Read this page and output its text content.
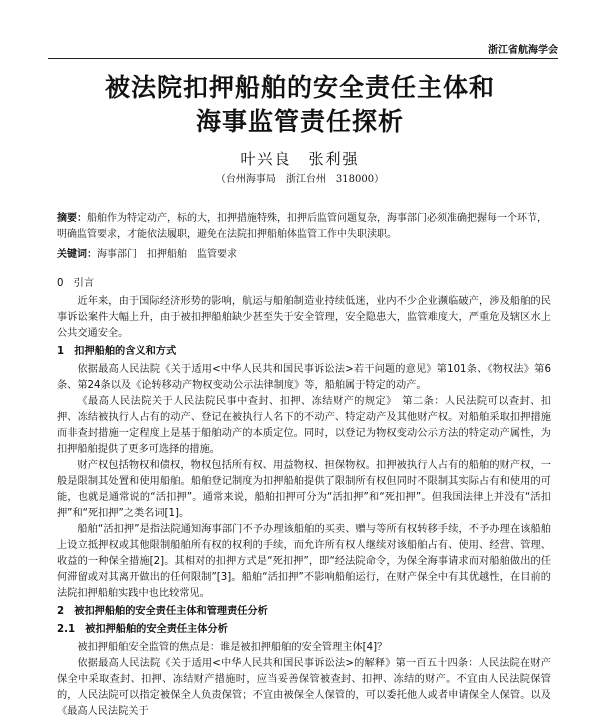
浙江省航海学会
被法院扣押船舶的安全责任主体和
海事监管责任探析
叶兴良　张利强
（台州海事局　浙江台州　318000）
摘要：船舶作为特定动产，标的大，扣押措施特殊，扣押后监管问题复杂，海事部门必须准确把握每一个环节，明确监管要求，才能依法履职，避免在法院扣押船舶体监管工作中失职渎职。
关键词：海事部门　扣押船舶　监管要求
0　引言

近年来，由于国际经济形势的影响，航运与船舶制造业持续低迷，业内不少企业濒临破产，涉及船舶的民事诉讼案件大幅上升，由于被扣押船舶缺少甚至失于安全管理，安全隐患大，监管难度大，严重危及辖区水上公共交通安全。

1　扣押船舶的含义和方式

依据最高人民法院《关于适用<中华人民共和国民事诉讼法>若干问题的意见》第101条、《物权法》第6条、第24条以及《论转移动产物权变动公示法律制度》等，船舶属于特定的动产。

《最高人民法院关于人民法院民事中查封、扣押、冻结财产的规定》　第二条：人民法院可以查封、扣押、冻结被执行人占有的动产、登记在被执行人名下的不动产、特定动产及其他财产权。对船舶采取扣押措施而非查封措施一定程度上是基于船舶动产的本质定位。同时，以登记为物权变动公示方法的特定动产属性，为扣押船舶提供了更多可选择的措施。

财产权包括物权和债权，物权包括所有权、用益物权、担保物权。扣押被执行人占有的船舶的财产权，一般是限制其处置和使用船舶。船舶登记制度为扣押船舶提供了限制所有权但同时不限制其实际占有和使用的可能，也就是通常说的“活扣押”。通常来说，船舶扣押可分为“活扣押”和“死扣押”。但我国法律上并没有“活扣押”和“死扣押”之类名词[1]。

船舶“活扣押”是指法院通知海事部门不予办理该船舶的买卖、赠与等所有权转移手续，不予办理在该船舶上设立抵押权或其他限制船舶所有权的权利的手续，而允许所有权人继续对该船舶占有、使用、经营、管理、收益的一种保全措施[2]。其相对的扣押方式是“死扣押”，即“经法院命令，为保全海事请求而对船舶做出的任何滞留或对其离开做出的任何限制”[3]。船舶“活扣押”不影响船舶运行，在财产保全中有其优越性，在目前的法院扣押船舶实践中也比较常见。

2　被扣押船舶的安全责任主体和管理责任分析
2.1　被扣押船舶的安全责任主体分析

被扣押船舶安全监管的焦点是：谁是被扣押船舶的安全管理主体[4]？

依据最高人民法院《关于适用<中华人民共和国民事诉讼法>的解释》第一百五十四条：人民法院在财产保全中采取查封、扣押、冻结财产措施时，应当妥善保管被查封、扣押、冻结的财产。不宜由人民法院保管的，人民法院可以指定被保全人负责保管；不宜由被保全人保管的，可以委托他人或者申请保全人保管。以及《最高人民法院关于
